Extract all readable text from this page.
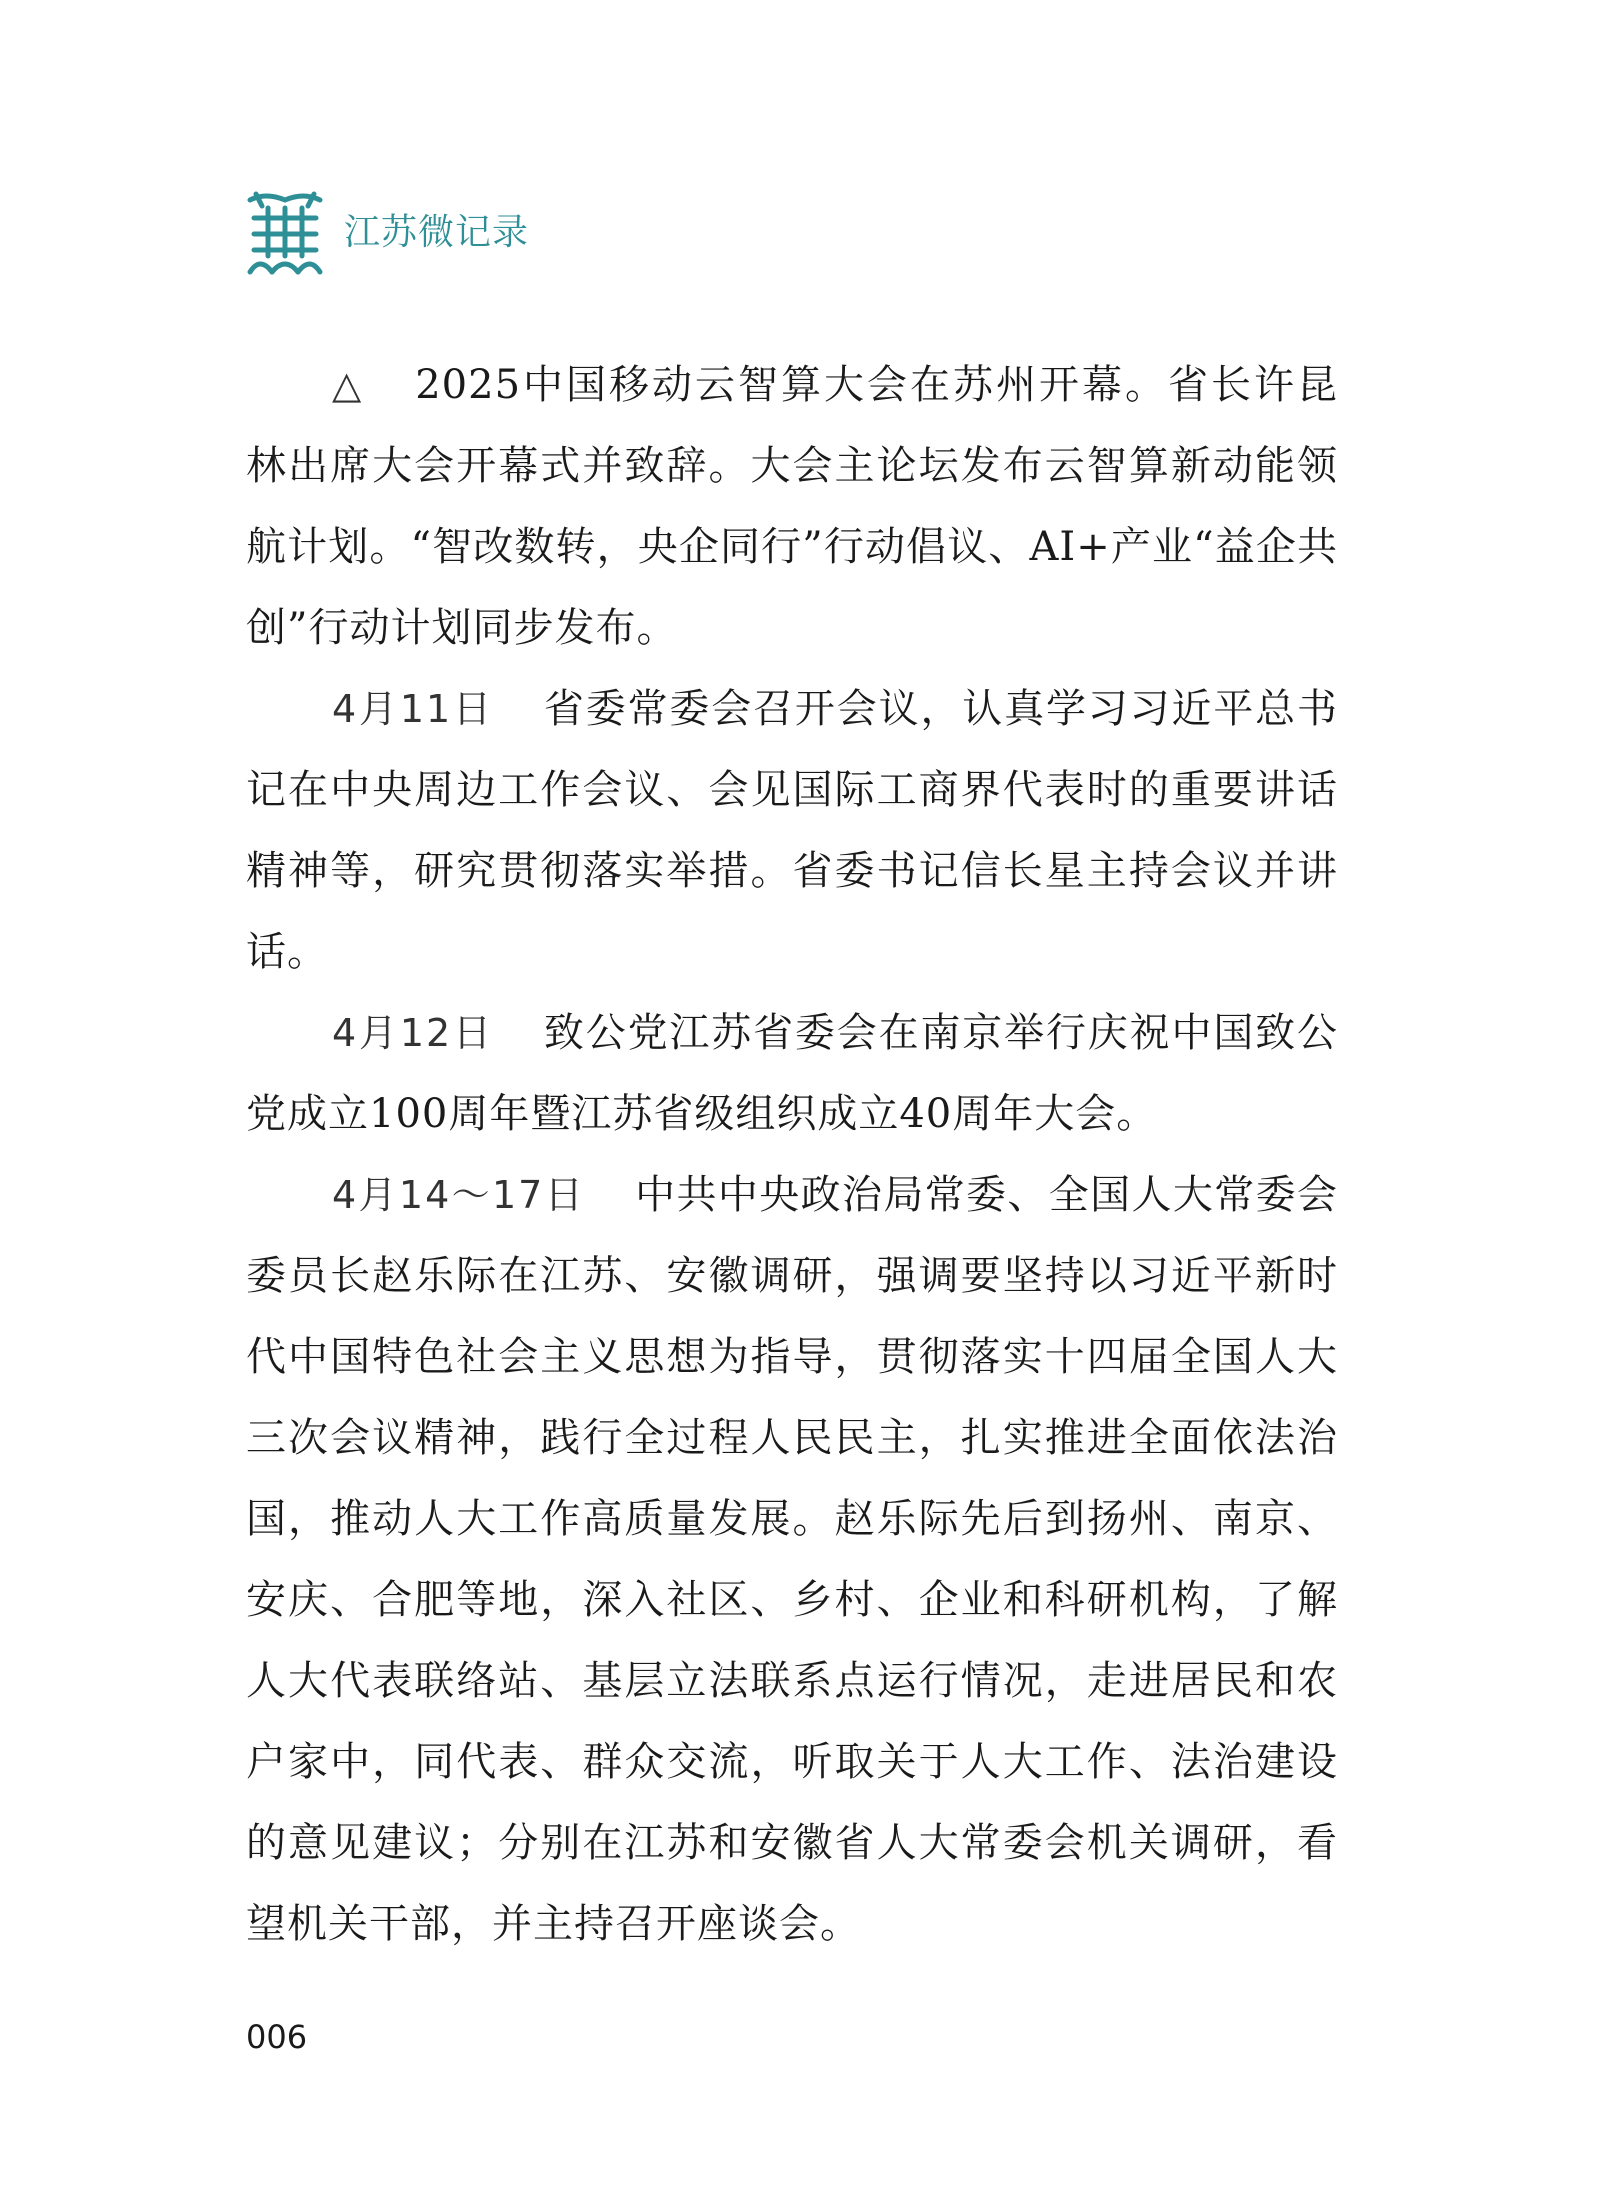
江苏微记录

△ 2025中国移动云智算大会在苏州开幕。省长许昆林出席大会开幕式并致辞。大会主论坛发布云智算新动能领航计划。“智改数转，央企同行”行动倡议、AI+产业“益企共创”行动计划同步发布。

4月11日 省委常委会召开会议，认真学习习近平总书记在中央周边工作会议、会见国际工商界代表时的重要讲话精神等，研究贯彻落实举措。省委书记信长星主持会议并讲话。

4月12日 致公党江苏省委会在南京举行庆祝中国致公党成立100周年暨江苏省级组织成立40周年大会。

4月14～17日 中共中央政治局常委、全国人大常委会委员长赵乐际在江苏、安徽调研，强调要坚持以习近平新时代中国特色社会主义思想为指导，贯彻落实十四届全国人大三次会议精神，践行全过程人民民主，扎实推进全面依法治国，推动人大工作高质量发展。赵乐际先后到扬州、南京、安庆、合肥等地，深入社区、乡村、企业和科研机构，了解人大代表联络站、基层立法联系点运行情况，走进居民和农户家中，同代表、群众交流，听取关于人大工作、法治建设的意见建议；分别在江苏和安徽省人大常委会机关调研，看望机关干部，并主持召开座谈会。

006
